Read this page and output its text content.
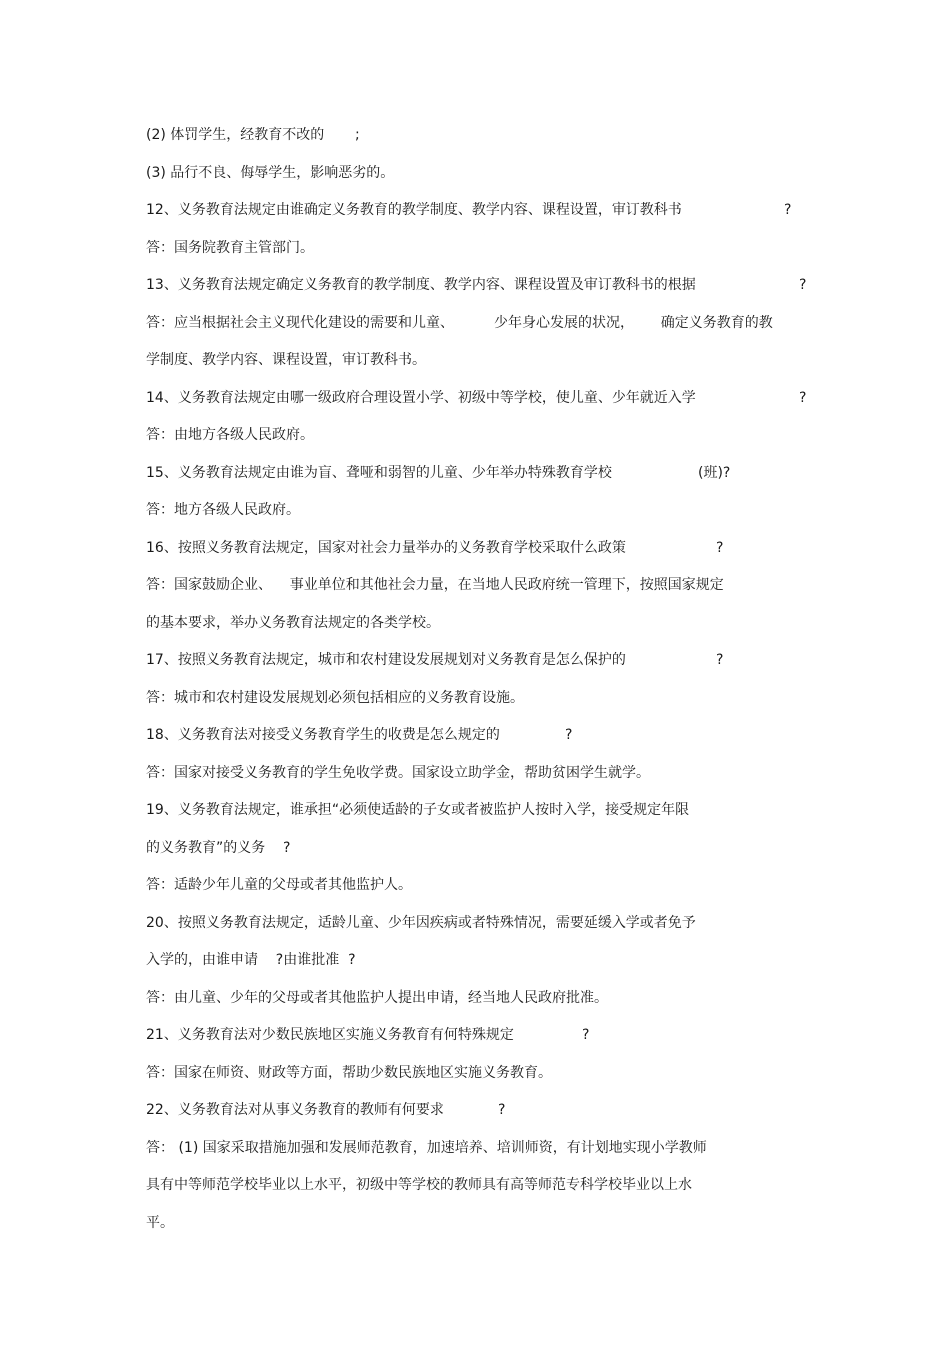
(2) 体罚学生，经教育不改的 ;

(3) 品行不良、侮辱学生，影响恶劣的。

12、义务教育法规定由谁确定义务教育的教学制度、教学内容、课程设置，审订教科书	?

答：国务院教育主管部门。

13、义务教育法规定确定义务教育的教学制度、教学内容、课程设置及审订教科书的根据	?

答：应当根据社会主义现代化建设的需要和儿童、         少年身心发展的状况，      确定义务教育的教

学制度、教学内容、课程设置，审订教科书。

14、义务教育法规定由哪一级政府合理设置小学、初级中等学校，使儿童、少年就近入学	?

答：由地方各级人民政府。

15、义务教育法规定由谁为盲、聋哑和弱智的儿童、少年举办特殊教育学校	(班)?

答：地方各级人民政府。

16、按照义务教育法规定，国家对社会力量举办的义务教育学校采取什么政策	?

答：国家鼓励企业、    事业单位和其他社会力量，在当地人民政府统一管理下，按照国家规定

的基本要求，举办义务教育法规定的各类学校。

17、按照义务教育法规定，城市和农村建设发展规划对义务教育是怎么保护的	?

答：城市和农村建设发展规划必须包括相应的义务教育设施。

18、义务教育法对接受义务教育学生的收费是怎么规定的	?

答：国家对接受义务教育的学生免收学费。国家设立助学金，帮助贫困学生就学。

19、义务教育法规定，谁承担“必须使适龄的子女或者被监护人按时入学，接受规定年限

的义务教育”的义务    ?

答：适龄少年儿童的父母或者其他监护人。

20、按照义务教育法规定，适龄儿童、少年因疾病或者特殊情况，需要延缓入学或者免予

入学的，由谁申请    ?由谁批准  ?

答：由儿童、少年的父母或者其他监护人提出申请，经当地人民政府批准。

21、义务教育法对少数民族地区实施义务教育有何特殊规定	?

答：国家在师资、财政等方面，帮助少数民族地区实施义务教育。

22、义务教育法对从事义务教育的教师有何要求	?

答： (1) 国家采取措施加强和发展师范教育，加速培养、培训师资，有计划地实现小学教师

具有中等师范学校毕业以上水平，初级中等学校的教师具有高等师范专科学校毕业以上水

平。
